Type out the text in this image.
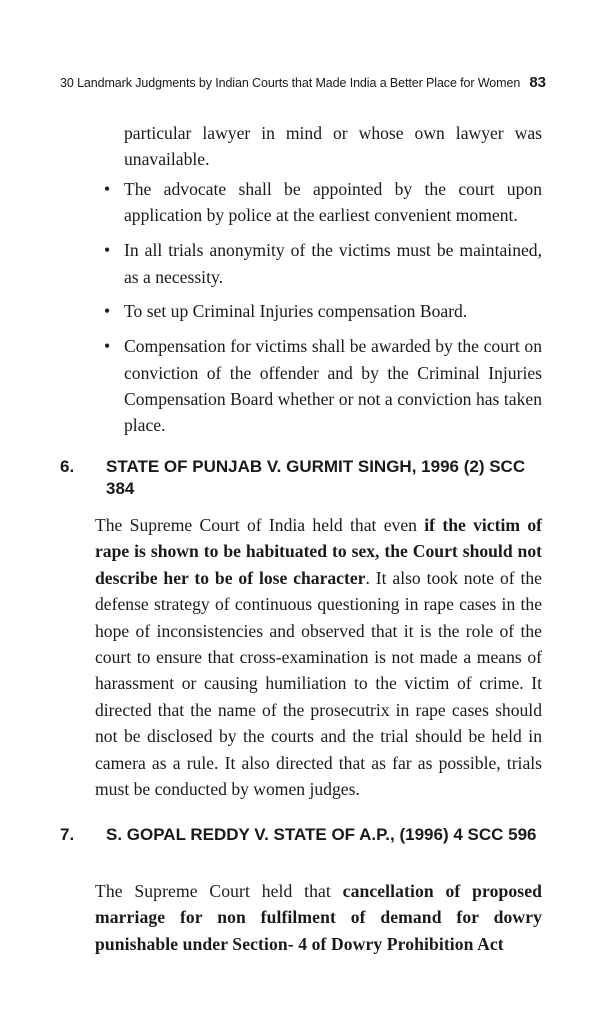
30 Landmark Judgments by Indian Courts that Made India a Better Place for Women 83

particular lawyer in mind or whose own lawyer was unavailable.

• The advocate shall be appointed by the court upon application by police at the earliest convenient moment.
• In all trials anonymity of the victims must be maintained, as a necessity.
• To set up Criminal Injuries compensation Board.
• Compensation for victims shall be awarded by the court on conviction of the offender and by the Criminal Injuries Compensation Board whether or not a conviction has taken place.
6.	STATE OF PUNJAB V. GURMIT SINGH, 1996 (2) SCC 384

The Supreme Court of India held that even if the victim of rape is shown to be habituated to sex, the Court should not describe her to be of lose character. It also took note of the defense strategy of continuous questioning in rape cases in the hope of inconsistencies and observed that it is the role of the court to ensure that cross-examination is not made a means of harassment or causing humiliation to the victim of crime. It directed that the name of the prosecutrix in rape cases should not be disclosed by the courts and the trial should be held in camera as a rule. It also directed that as far as possible, trials must be conducted by women judges.

7.	S. GOPAL REDDY V. STATE OF A.P., (1996) 4 SCC 596

The Supreme Court held that cancellation of proposed marriage for non fulfilment of demand for dowry punishable under Section- 4 of Dowry Prohibition Act
